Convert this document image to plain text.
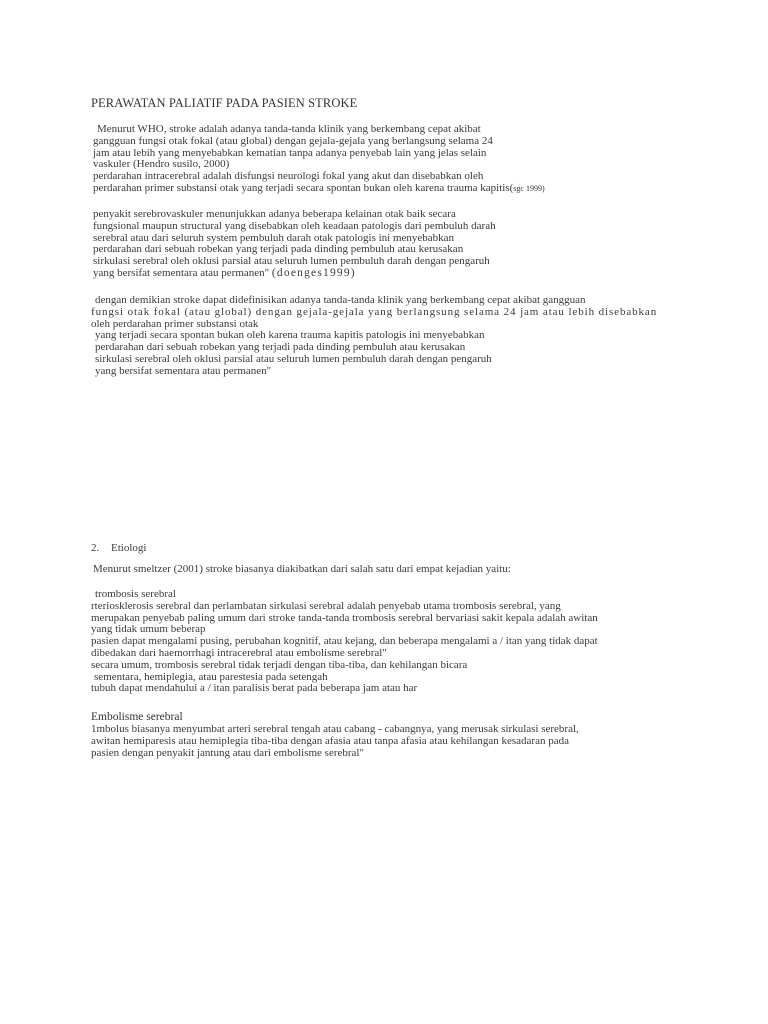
PERAWATAN PALIATIF PADA PASIEN STROKE

Menurut WHO, stroke adalah adanya tanda-tanda klinik yang berkembang cepat akibat

gangguan fungsi otak fokal (atau global) dengan gejala-gejala yang berlangsung selama 24

jam atau lebih yang menyebabkan kematian tanpa adanya penyebab lain yang jelas selain

vaskuler (Hendro susilo, 2000)

perdarahan intracerebral adalah disfungsi neurologi fokal yang akut dan disebabkan oleh

perdarahan primer substansi otak yang terjadi secara spontan bukan oleh karena trauma kapitis(sgc 1999)

penyakit serebrovaskuler menunjukkan adanya beberapa kelainan otak baik secara

fungsional maupun structural yang disebabkan oleh keadaan patologis dari pembuluh darah

serebral atau dari seluruh system pembuluh darah otak patologis ini menyebabkan

perdarahan dari sebuah robekan yang terjadi pada dinding pembuluh atau kerusakan

sirkulasi serebral oleh oklusi parsial atau seluruh lumen pembuluh darah dengan pengaruh

yang bersifat sementara atau permanen" (doenges1999)

dengan demikian stroke dapat didefinisikan adanya tanda-tanda klinik yang berkembang cepat akibat gangguan

fungsi otak fokal (atau global) dengan gejala-gejala yang berlangsung selama 24 jam atau lebih disebabkan

oleh perdarahan primer substansi otak

yang terjadi secara spontan bukan oleh karena trauma kapitis patologis ini menyebabkan

perdarahan dari sebuah robekan yang terjadi pada dinding pembuluh atau kerusakan

sirkulasi serebral oleh oklusi parsial atau seluruh lumen pembuluh darah dengan pengaruh

yang bersifat sementara atau permanen"

2. Etiologi

Menurut smeltzer (2001) stroke biasanya diakibatkan dari salah satu dari empat kejadian yaitu:

trombosis serebral

rteriosklerosis serebral dan perlambatan sirkulasi serebral adalah penyebab utama trombosis serebral, yang

merupakan penyebab paling umum dari stroke tanda-tanda trombosis serebral bervariasi sakit kepala adalah awitan

yang tidak umum beberap

pasien dapat mengalami pusing, perubahan kognitif, atau kejang, dan beberapa mengalami a / itan yang tidak dapat

dibedakan dari haemorrhagi intracerebral atau embolisme serebral"

secara umum, trombosis serebral tidak terjadi dengan tiba-tiba, dan kehilangan bicara

sementara, hemiplegia, atau parestesia pada setengah

tubuh dapat mendahului a / itan paralisis berat pada beberapa jam atau har

Embolisme serebral

1mbolus biasanya menyumbat arteri serebral tengah atau cabang - cabangnya, yang merusak sirkulasi serebral,

awitan hemiparesis atau hemiplegia tiba-tiba dengan afasia atau tanpa afasia atau kehilangan kesadaran pada

pasien dengan penyakit jantung atau dari embolisme serebral"
